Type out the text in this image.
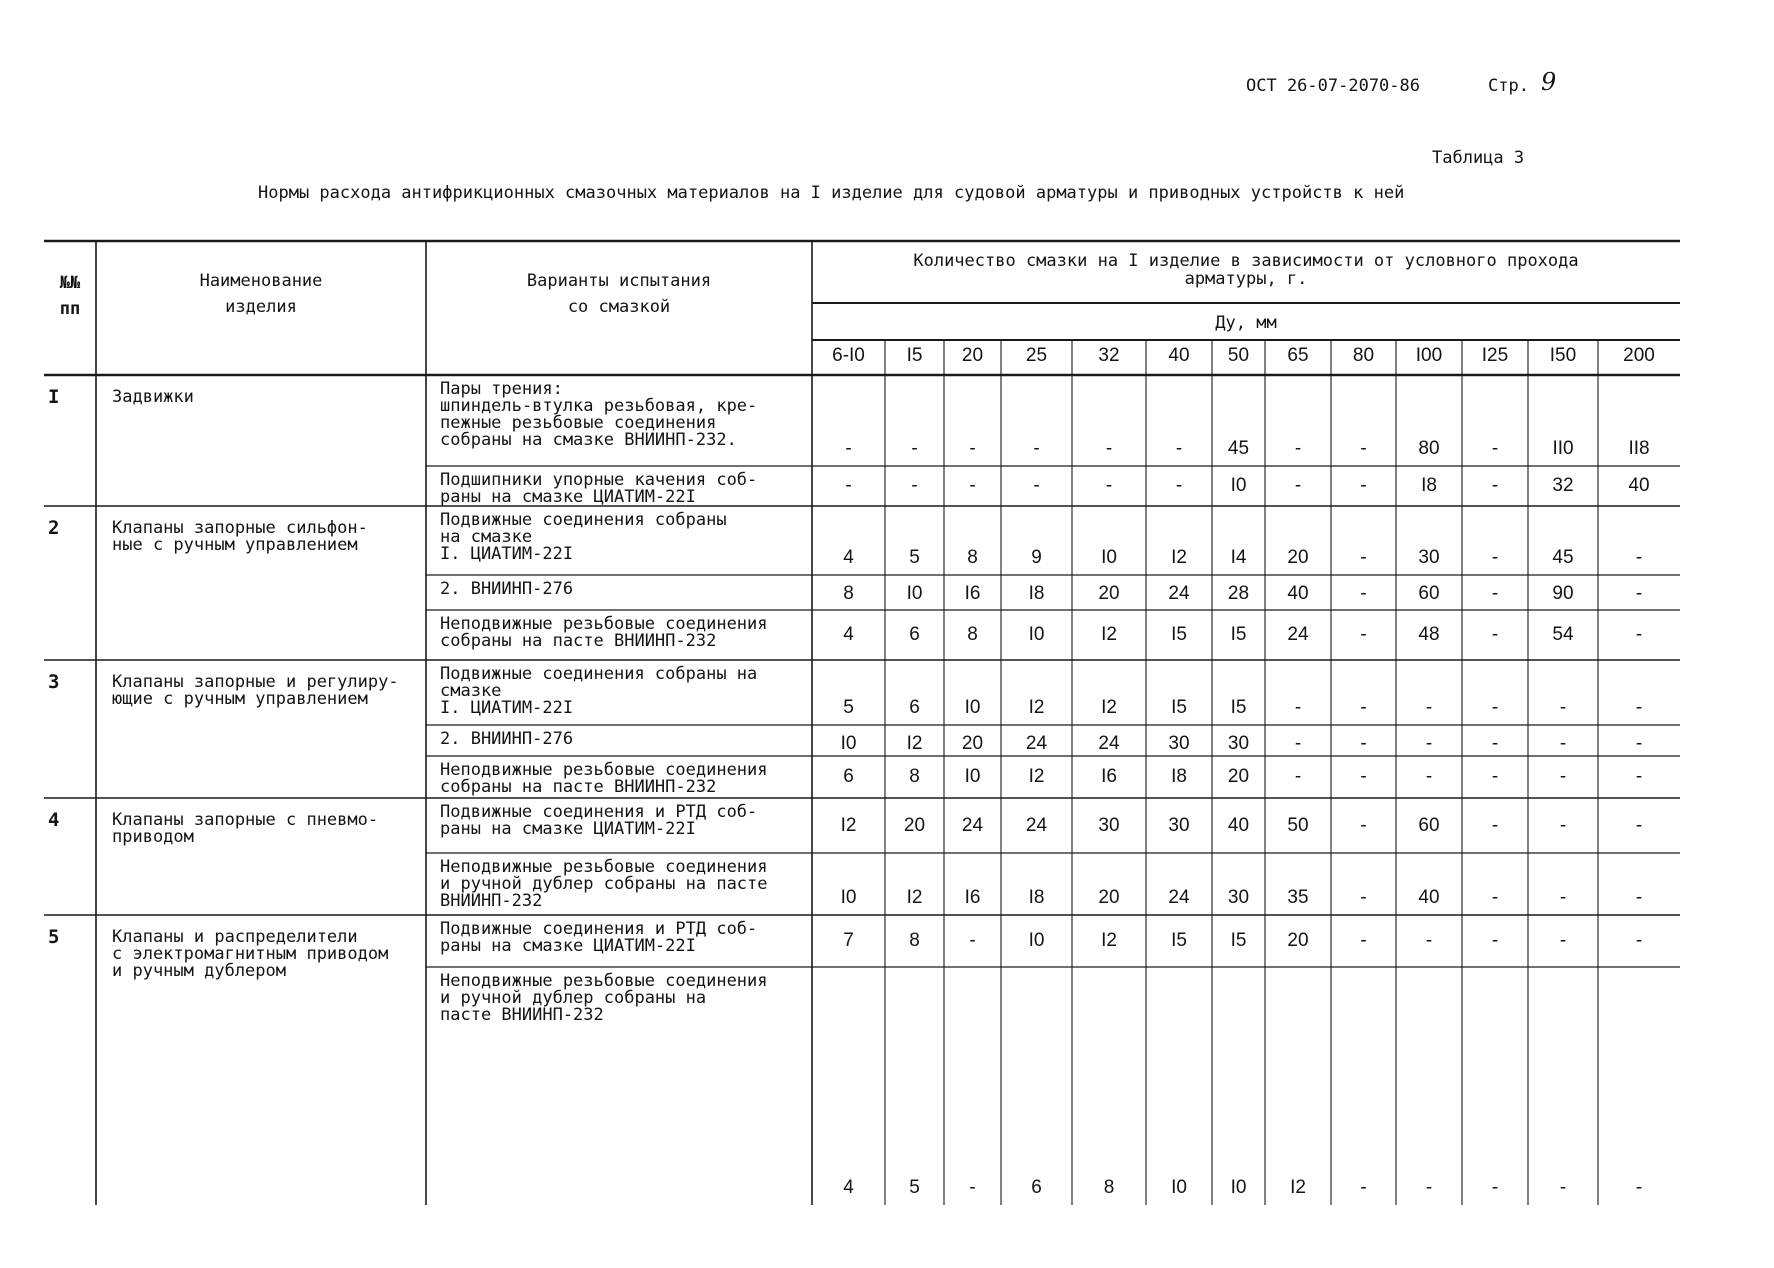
ОСТ 26-07-2070-86	Стр. 9
Таблица 3
Нормы расхода антифрикционных смазочных материалов на I изделие для судовой арматуры и приводных устройств к ней
№№
пп
Наименование
изделия
Варианты испытания
со смазкой
Количество смазки на I изделие в зависимости от условного прохода
арматуры, г.
Ду, мм
6-I0	I5	20	25	32	40	50	65	80	I00	I25	I50	200
I	Задвижки	Пары трения:
шпиндель-втулка резьбовая, кре-
пежные резьбовые соединения
собраны на смазке ВНИИНП-232.	-	-	-	-	-	-	45	-	-	80	-	II0	II8
Подшипники упорные качения соб-
раны на смазке ЦИАТИМ-22I
-	-	-	-	-	-	I0	-	-	I8	-	32	40
2	Клапаны запорные сильфон-
ные с ручным управлением
Подвижные соединения собраны
на смазке
I. ЦИАТИМ-22I	4	5	8	9	I0	I2	I4	20	-	30	-	45	-
2. ВНИИНП-276	8	I0	I6	I8	20	24	28	40	-	60	-	90	-
Неподвижные резьбовые соединения
собраны на пасте ВНИИНП-232	4	6	8	I0	I2	I5	I5	24	-	48	-	54	-
3	Клапаны запорные и регулиру-
ющие с ручным управлением
Подвижные соединения собраны на
смазке
I. ЦИАТИМ-22I	5	6	I0	I2	I2	I5	I5	-	-	-	-	-	-
2. ВНИИНП-276	I0	I2	20	24	24	30	30	-	-	-	-	-	-
Неподвижные резьбовые соединения
собраны на пасте ВНИИНП-232	6	8	I0	I2	I6	I8	20	-	-	-	-	-	-
4	Клапаны запорные с пневмо-
приводом
Подвижные соединения и РТД соб-
раны на смазке ЦИАТИМ-22I	I2	20	24	24	30	30	40	50	-	60	-	-	-
Неподвижные резьбовые соединения
и ручной дублер собраны на пасте
ВНИИНП-232	I0	I2	I6	I8	20	24	30	35	-	40	-	-	-
5	Клапаны и распределители
с электромагнитным приводом
и ручным дублером
Подвижные соединения и РТД соб-
раны на смазке ЦИАТИМ-22I	7	8	-	I0	I2	I5	I5	20	-	-	-	-	-
Неподвижные резьбовые соединения
и ручной дублер собраны на
пасте ВНИИНП-232
4	5	-	6	8	I0	I0	I2	-	-	-	-	-
